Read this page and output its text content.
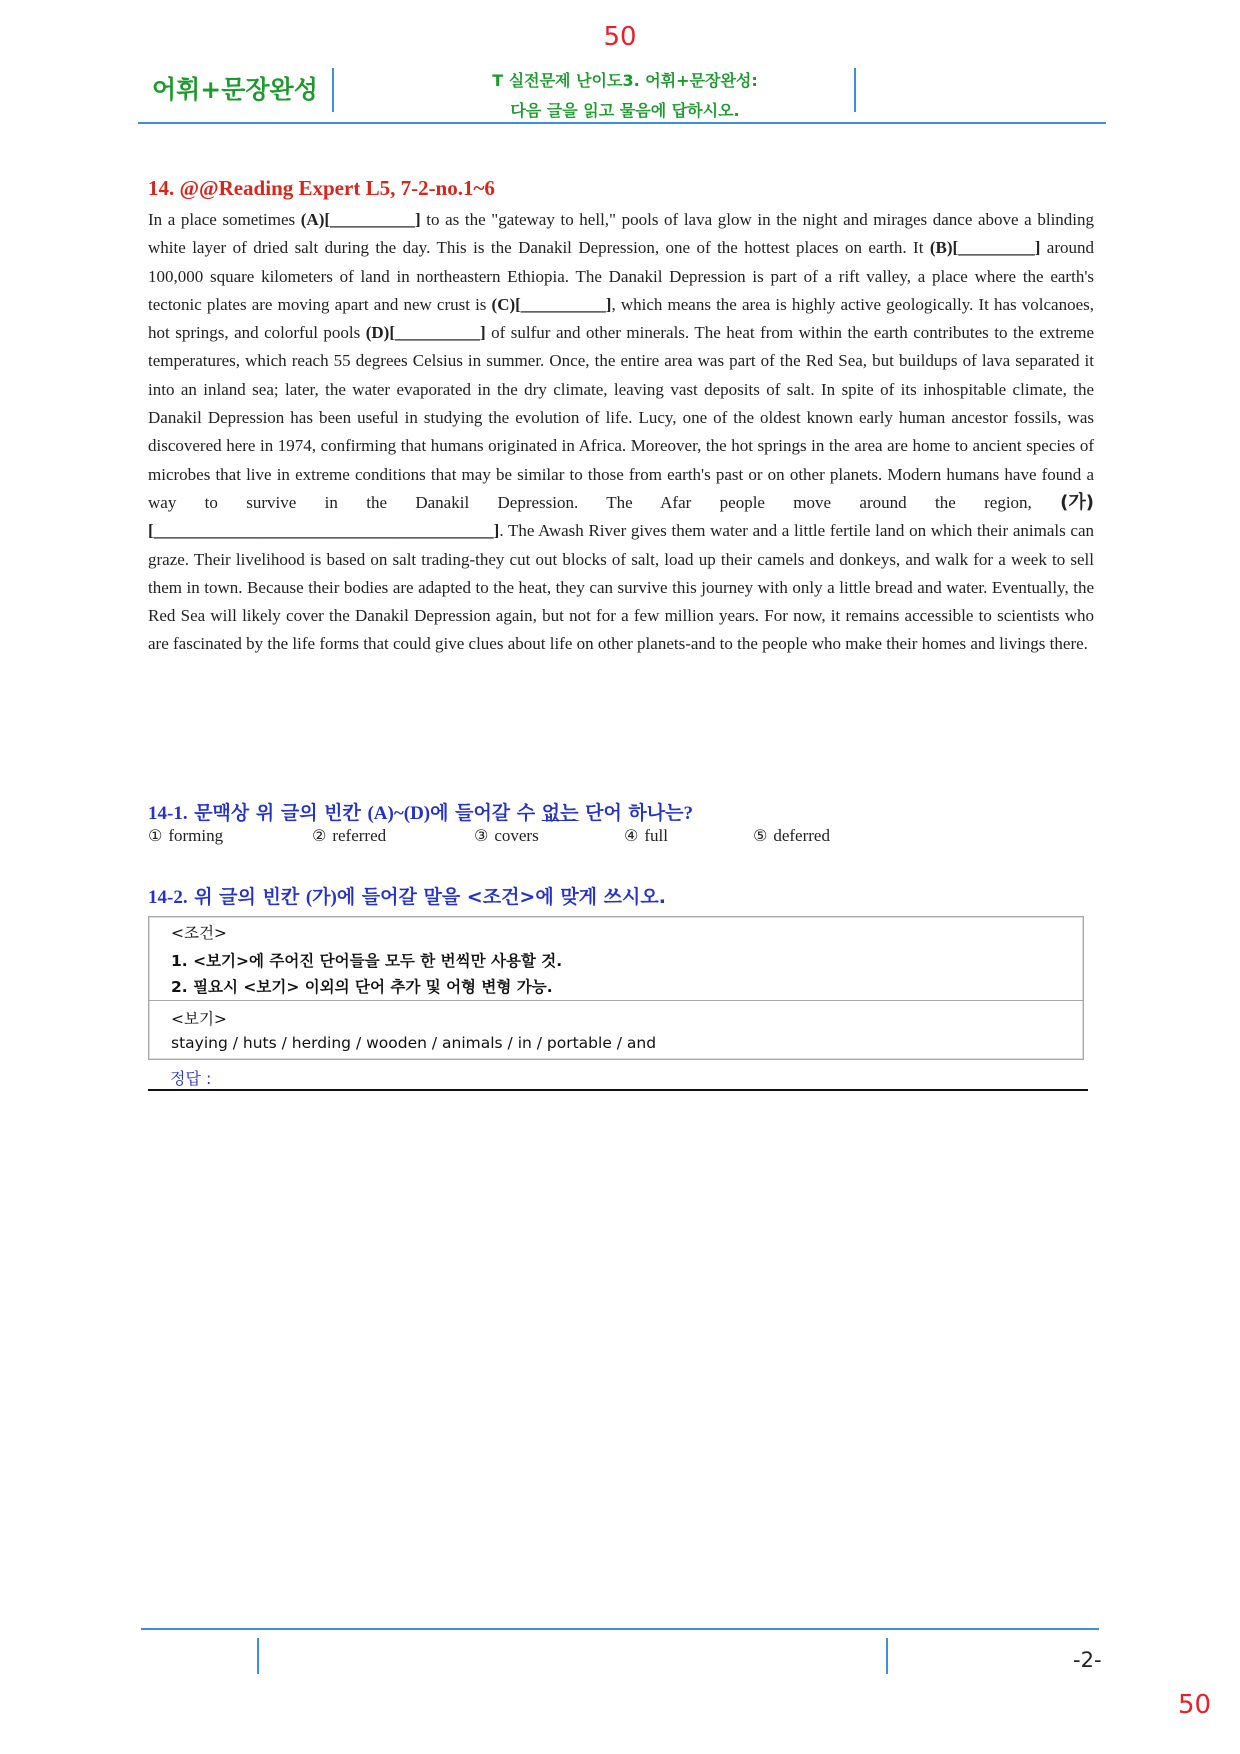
50
어휘+문장완성	T 실전문제 난이도3. 어휘+문장완성:
다음 글을 읽고 물음에 답하시오.
14. @@Reading Expert L5, 7-2-no.1~6
In a place sometimes (A)[__________] to as the "gateway to hell," pools of lava glow in the night and mirages dance above a blinding white layer of dried salt during the day. This is the Danakil Depression, one of the hottest places on earth. It (B)[_________] around 100,000 square kilometers of land in northeastern Ethiopia. The Danakil Depression is part of a rift valley, a place where the earth's tectonic plates are moving apart and new crust is (C)[__________], which means the area is highly active geologically. It has volcanoes, hot springs, and colorful pools (D)[__________] of sulfur and other minerals. The heat from within the earth contributes to the extreme temperatures, which reach 55 degrees Celsius in summer. Once, the entire area was part of the Red Sea, but buildups of lava separated it into an inland sea; later, the water evaporated in the dry climate, leaving vast deposits of salt. In spite of its inhospitable climate, the Danakil Depression has been useful in studying the evolution of life. Lucy, one of the oldest known early human ancestor fossils, was discovered here in 1974, confirming that humans originated in Africa. Moreover, the hot springs in the area are home to ancient species of microbes that live in extreme conditions that may be similar to those from earth's past or on other planets. Modern humans have found a way to survive in the Danakil Depression. The Afar people move around the region, (가)[________________________________________]. The Awash River gives them water and a little fertile land on which their animals can graze. Their livelihood is based on salt trading-they cut out blocks of salt, load up their camels and donkeys, and walk for a week to sell them in town. Because their bodies are adapted to the heat, they can survive this journey with only a little bread and water. Eventually, the Red Sea will likely cover the Danakil Depression again, but not for a few million years. For now, it remains accessible to scientists who are fascinated by the life forms that could give clues about life on other planets-and to the people who make their homes and livings there.
14-1. 문맥상 위 글의 빈칸 (A)~(D)에 들어갈 수 없는 단어 하나는?
① forming	② referred	③ covers	④ full	⑤ deferred
14-2. 위 글의 빈칸 (가)에 들어갈 말을 <조건>에 맞게 쓰시오.
<조건>
1. <보기>에 주어진 단어들을 모두 한 번씩만 사용할 것.
2. 필요시 <보기> 이외의 단어 추가 및 어형 변형 가능.
<보기>
staying / huts / herding / wooden / animals / in / portable / and
정답 :
-2-
50
